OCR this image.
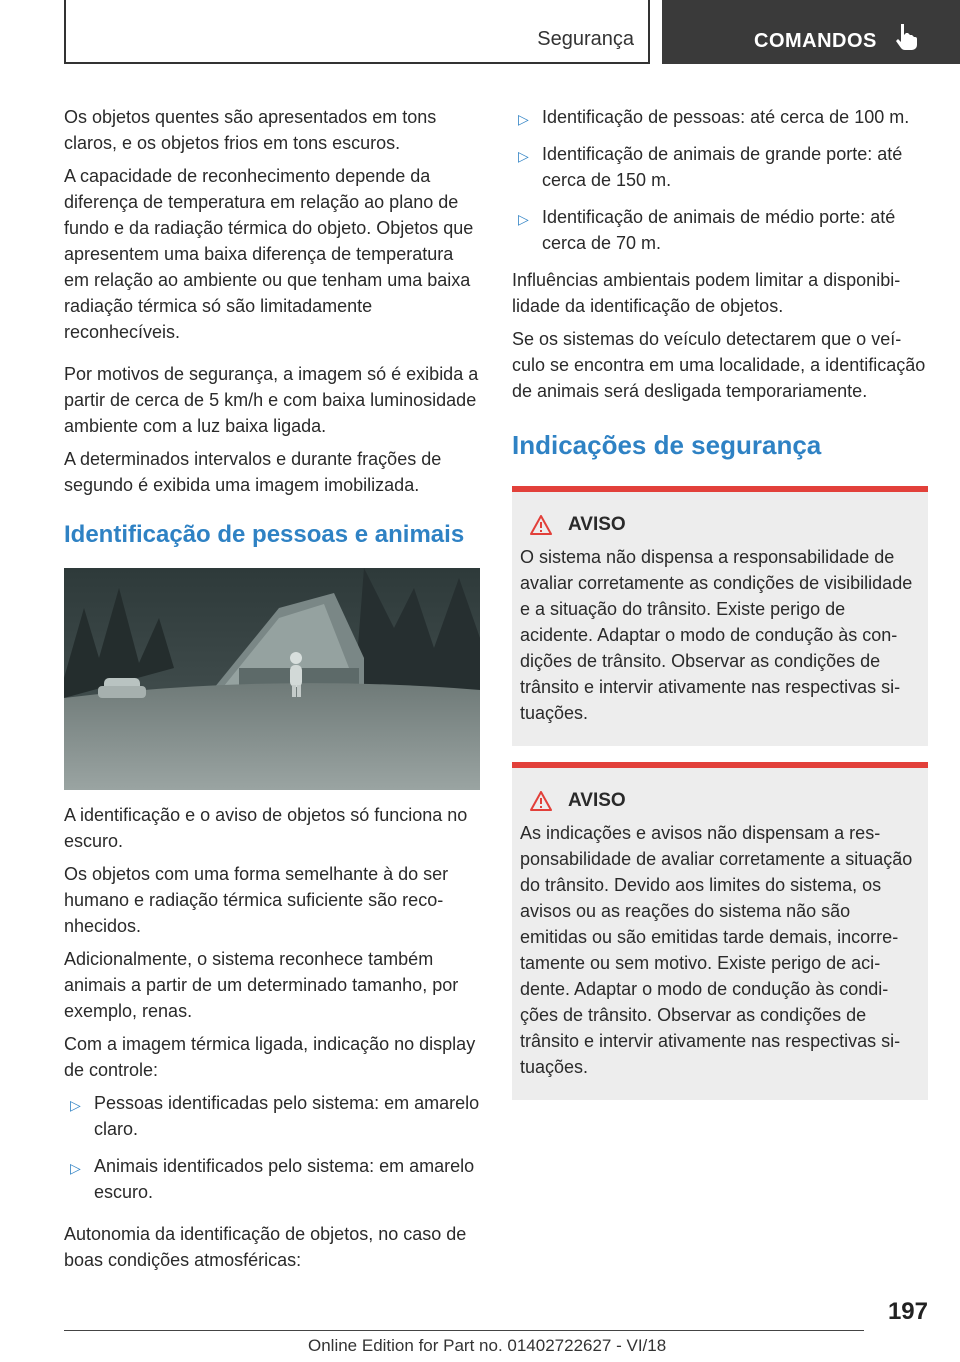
Segurança	COMANDOS

Os objetos quentes são apresentados em tons claros, e os objetos frios em tons escuros.

A capacidade de reconhecimento depende da diferença de temperatura em relação ao plano de fundo e da radiação térmica do objeto. Objetos que apresentem uma baixa diferença de temperatura em relação ao ambiente ou que tenham uma baixa radiação térmica só são limitadamente reconhecíveis.

Por motivos de segurança, a imagem só é exibida a partir de cerca de 5 km/h e com baixa luminosidade ambiente com a luz baixa ligada.

A determinados intervalos e durante frações de segundo é exibida uma imagem imobilizada.

Identificação de pessoas e animais

A identificação e o aviso de objetos só funciona no escuro.

Os objetos com uma forma semelhante à do ser humano e radiação térmica suficiente são reconhecidos.

Adicionalmente, o sistema reconhece também animais a partir de um determinado tamanho, por exemplo, renas.

Com a imagem térmica ligada, indicação no display de controle:

▷ Pessoas identificadas pelo sistema: em amarelo claro.
▷ Animais identificados pelo sistema: em amarelo escuro.

Autonomia da identificação de objetos, no caso de boas condições atmosféricas:

▷ Identificação de pessoas: até cerca de 100 m.
▷ Identificação de animais de grande porte: até cerca de 150 m.
▷ Identificação de animais de médio porte: até cerca de 70 m.

Influências ambientais podem limitar a disponibilidade da identificação de objetos.

Se os sistemas do veículo detectarem que o veículo se encontra em uma localidade, a identificação de animais será desligada temporariamente.

Indicações de segurança
AVISO
O sistema não dispensa a responsabilidade de avaliar corretamente as condições de visibilidade e a situação do trânsito. Existe perigo de acidente. Adaptar o modo de condução às condições de trânsito. Observar as condições de trânsito e intervir ativamente nas respectivas situações.
AVISO
As indicações e avisos não dispensam a responsabilidade de avaliar corretamente a situação do trânsito. Devido aos limites do sistema, os avisos ou as reações do sistema não são emitidas ou são emitidas tarde demais, incorretamente ou sem motivo. Existe perigo de acidente. Adaptar o modo de condução às condições de trânsito. Observar as condições de trânsito e intervir ativamente nas respectivas situações.
197
Online Edition for Part no. 01402722627 - VI/18
